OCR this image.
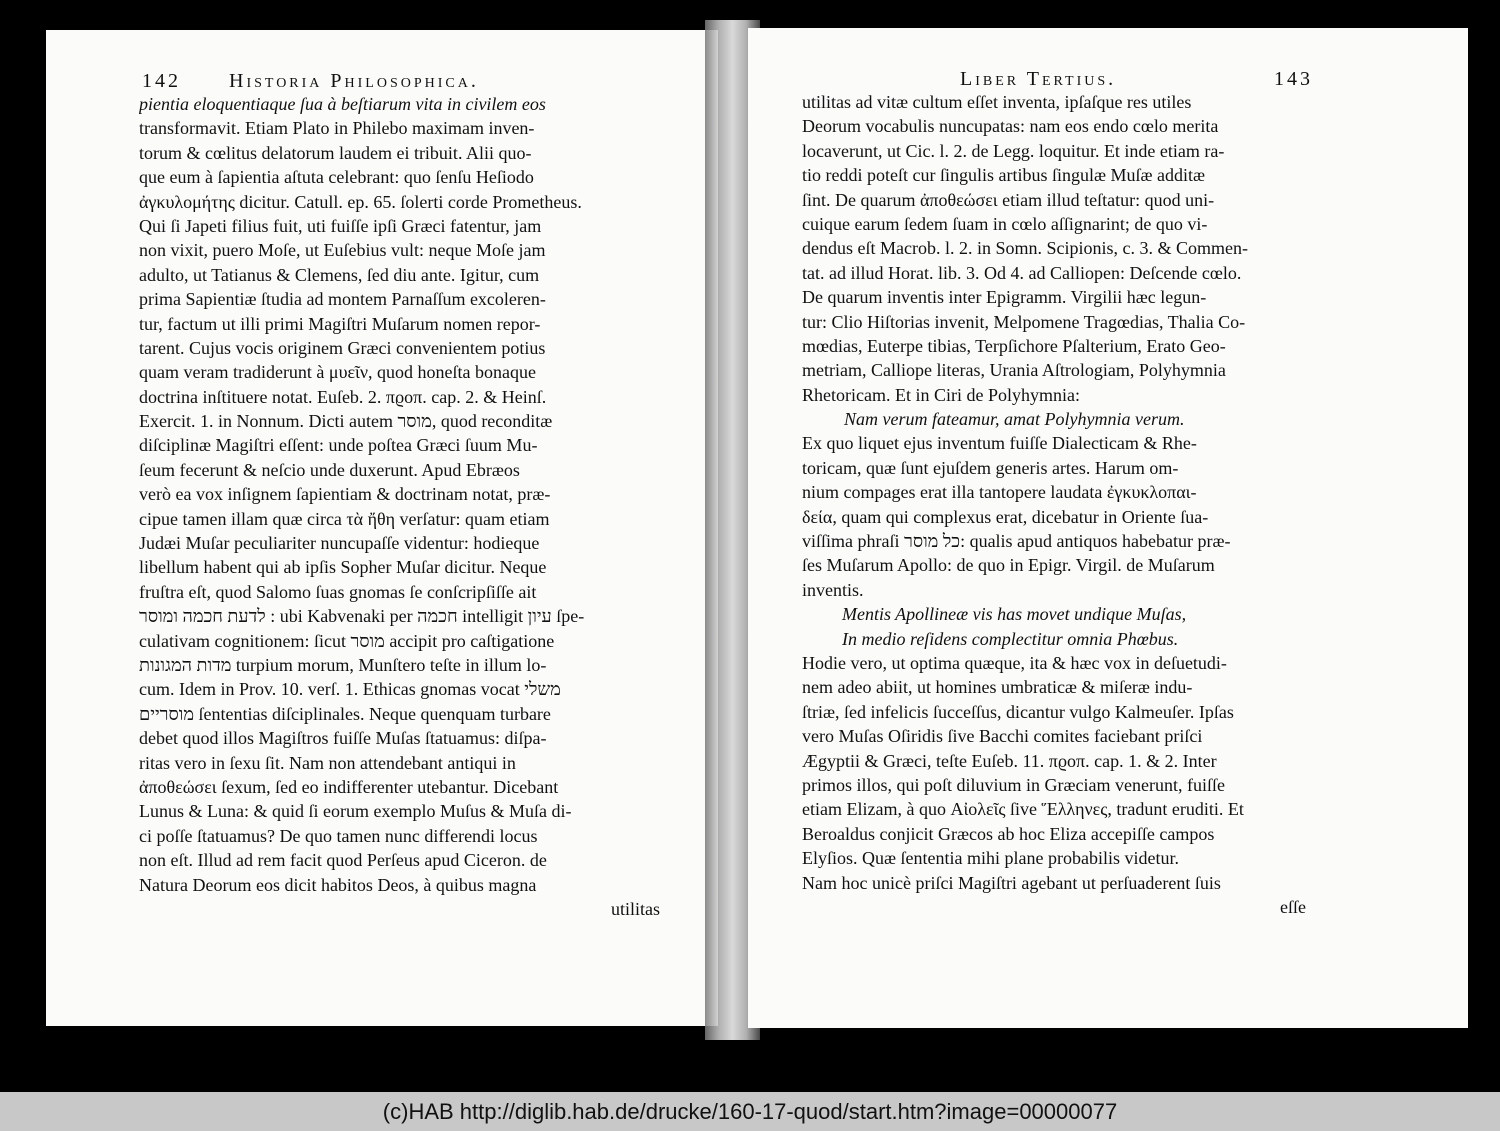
142 Historia Philosophica.
pientia eloquentiaque ſua à beſtiarum vita in civilem eos
transformavit. Etiam Plato in Philebo maximam inven-
torum & cœlitus delatorum laudem ei tribuit. Alii quo-
que eum à ſapientia aſtuta celebrant: quo ſenſu Heſiodo
ἀγκυλομήτης dicitur. Catull. ep. 65. ſolerti corde Prometheus.
Qui ſi Japeti filius fuit, uti fuiſſe ipſi Græci fatentur, jam
non vixit, puero Moſe, ut Euſebius vult: neque Moſe jam
adulto, ut Tatianus & Clemens, ſed diu ante. Igitur, cum
prima Sapientiæ ſtudia ad montem Parnaſſum excoleren-
tur, factum ut illi primi Magiſtri Muſarum nomen repor-
tarent. Cujus vocis originem Græci convenientem potius
quam veram tradiderunt à μυεῖν, quod honeſta bonaque
doctrina inſtituere notat. Euſeb. 2. πϱοπ. cap. 2. & Heinſ.
Exercit. 1. in Nonnum. Dicti autem מוסר, quod reconditæ
diſciplinæ Magiſtri eſſent: unde poſtea Græci ſuum Mu-
ſeum fecerunt & neſcio unde duxerunt. Apud Ebræos
verò ea vox inſignem ſapientiam & doctrinam notat, præ-
cipue tamen illam quæ circa τὰ ἤθη verſatur: quam etiam
Judæi Muſar peculiariter nuncupaſſe videntur: hodieque
libellum habent qui ab ipſis Sopher Muſar dicitur. Neque
fruſtra eſt, quod Salomo ſuas gnomas ſe conſcripſiſſe ait
לדעת חכמה ומוסר : ubi Kabvenaki per חכמה intelligit עיון ſpe-
culativam cognitionem: ſicut מוסר accipit pro caſtigatione
מדות המגונות turpium morum, Munſtero teſte in illum lo-
cum. Idem in Prov. 10. verſ. 1. Ethicas gnomas vocat משלי
מוסריים ſententias diſciplinales. Neque quenquam turbare
debet quod illos Magiſtros fuiſſe Muſas ſtatuamus: diſpa-
ritas vero in ſexu ſit. Nam non attendebant antiqui in
ἀποθεώσει ſexum, ſed eo indifferenter utebantur. Dicebant
Lunus & Luna: & quid ſi eorum exemplo Muſus & Muſa di-
ci poſſe ſtatuamus? De quo tamen nunc differendi locus
non eſt. Illud ad rem facit quod Perſeus apud Ciceron. de
Natura Deorum eos dicit habitos Deos, à quibus magna
utilitas
Liber Tertius.	143
utilitas ad vitæ cultum eſſet inventa, ipſaſque res utiles
Deorum vocabulis nuncupatas: nam eos endo cœlo merita
locaverunt, ut Cic. l. 2. de Legg. loquitur. Et inde etiam ra-
tio reddi poteſt cur ſingulis artibus ſingulæ Muſæ additæ
ſint. De quarum ἀποθεώσει etiam illud teſtatur: quod uni-
cuique earum ſedem ſuam in cœlo aſſignarint; de quo vi-
dendus eſt Macrob. l. 2. in Somn. Scipionis, c. 3. & Commen-
tat. ad illud Horat. lib. 3. Od 4. ad Calliopen: Deſcende cœlo.
De quarum inventis inter Epigramm. Virgilii hæc legun-
tur: Clio Hiſtorias invenit, Melpomene Tragœdias, Thalia Co-
mœdias, Euterpe tibias, Terpſichore Pſalterium, Erato Geo-
metriam, Calliope literas, Urania Aſtrologiam, Polyhymnia
Rhetoricam. Et in Ciri de Polyhymnia:
Nam verum fateamur, amat Polyhymnia verum.
Ex quo liquet ejus inventum fuiſſe Dialecticam & Rhe-
toricam, quæ ſunt ejuſdem generis artes. Harum om-
nium compages erat illa tantopere laudata ἐγκυκλοπαι-
δεία, quam qui complexus erat, dicebatur in Oriente ſua-
viſſima phraſi כל מוסר: qualis apud antiquos habebatur præ-
ſes Muſarum Apollo: de quo in Epigr. Virgil. de Muſarum
inventis.
Mentis Apollineæ vis has movet undique Muſas,
In medio reſidens complectitur omnia Phœbus.
Hodie vero, ut optima quæque, ita & hæc vox in deſuetudi-
nem adeo abiit, ut homines umbraticæ & miſeræ indu-
ſtriæ, ſed infelicis ſucceſſus, dicantur vulgo Kalmeuſer. Ipſas
vero Muſas Oſiridis ſive Bacchi comites faciebant priſci
Ægyptii & Græci, teſte Euſeb. 11. πϱοπ. cap. 1. & 2. Inter
primos illos, qui poſt diluvium in Græciam venerunt, fuiſſe
etiam Elizam, à quo Αἰολεῖς ſive Ἕλληνες, tradunt eruditi. Et
Beroaldus conjicit Græcos ab hoc Eliza accepiſſe campos
Elyſios. Quæ ſententia mihi plane probabilis videtur.
Nam hoc unicè priſci Magiſtri agebant ut perſuaderent ſuis
eſſe
(c)HAB http://diglib.hab.de/drucke/160-17-quod/start.htm?image=00000077
